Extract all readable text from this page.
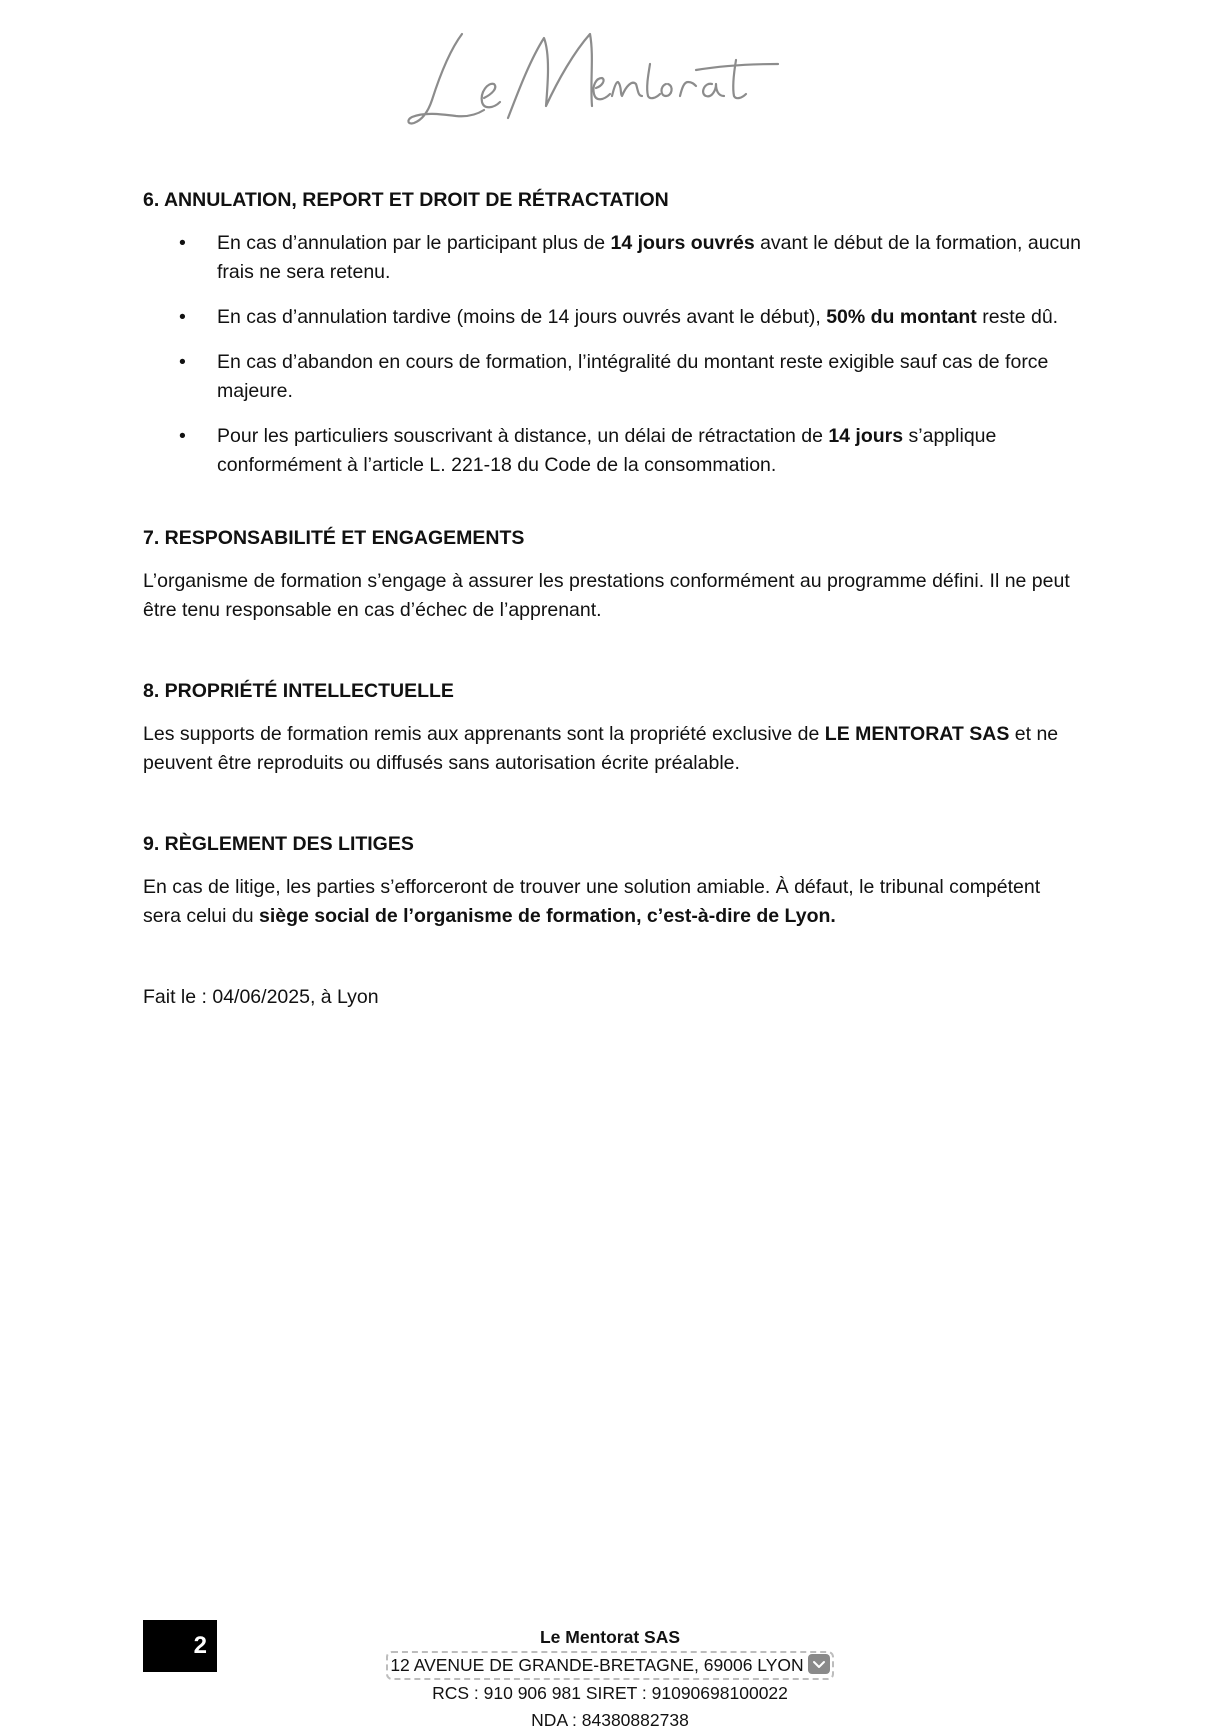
6. ANNULATION, REPORT ET DROIT DE RÉTRACTATION
• En cas d’annulation par le participant plus de 14 jours ouvrés avant le début de la formation, aucun frais ne sera retenu.
• En cas d’annulation tardive (moins de 14 jours ouvrés avant le début), 50% du montant reste dû.
• En cas d’abandon en cours de formation, l’intégralité du montant reste exigible sauf cas de force majeure.
• Pour les particuliers souscrivant à distance, un délai de rétractation de 14 jours s’applique conformément à l’article L. 221-18 du Code de la consommation.
7. RESPONSABILITÉ ET ENGAGEMENTS

L’organisme de formation s’engage à assurer les prestations conformément au programme défini. Il ne peut être tenu responsable en cas d’échec de l’apprenant.

8. PROPRIÉTÉ INTELLECTUELLE

Les supports de formation remis aux apprenants sont la propriété exclusive de LE MENTORAT SAS et ne peuvent être reproduits ou diffusés sans autorisation écrite préalable.

9. RÈGLEMENT DES LITIGES

En cas de litige, les parties s’efforceront de trouver une solution amiable. À défaut, le tribunal compétent sera celui du siège social de l’organisme de formation, c’est-à-dire de Lyon.

Fait le : 04/06/2025, à Lyon

2	Le Mentorat SAS
12 AVENUE DE GRANDE-BRETAGNE, 69006 LYON
RCS : 910 906 981 SIRET : 91090698100022
NDA : 84380882738
